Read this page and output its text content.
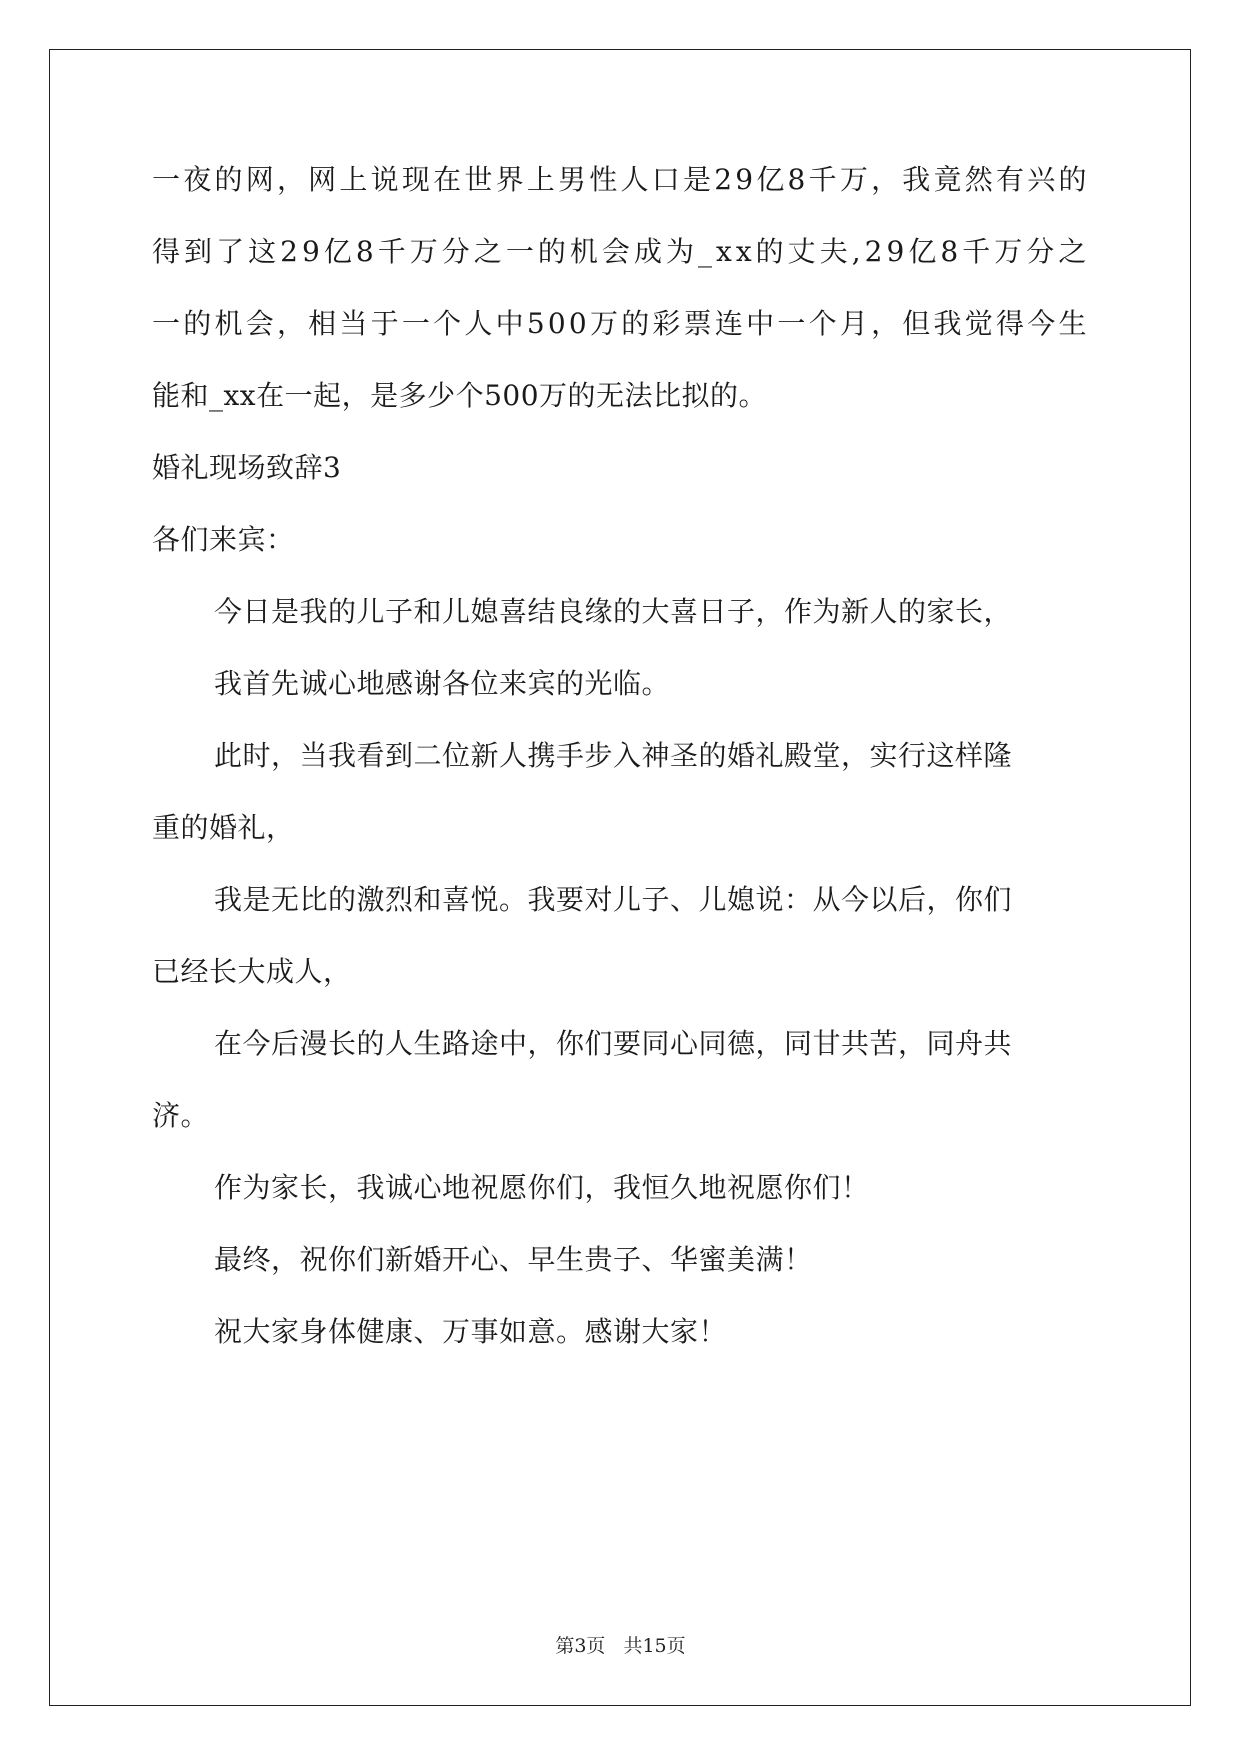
一 夜 的 网 ， 网 上 说 现 在 世 界 上 男 性 人 口 是 2 9 亿 8 千 万 ， 我 竟 然 有 兴 的
得 到 了 这 2 9 亿 8 千 万 分 之 一 的 机 会 成 为 _ x x 的 丈 夫 , 2 9 亿 8 千 万 分 之
一 的 机 会 ， 相 当 于 一 个 人 中 5 0 0 万 的 彩 票 连 中 一 个 月 ， 但 我 觉 得 今 生
能和_xx在一起，是多少个500万的无法比拟的。
婚礼现场致辞3
各们来宾：
今日是我的儿子和儿媳喜结良缘的大喜日子，作为新人的家长，
我首先诚心地感谢各位来宾的光临。
此时，当我看到二位新人携手步入神圣的婚礼殿堂，实行这样隆
重的婚礼，
我是无比的激烈和喜悦。我要对儿子、儿媳说：从今以后，你们
已经长大成人，
在今后漫长的人生路途中，你们要同心同德，同甘共苦，同舟共
济。
作为家长，我诚心地祝愿你们，我恒久地祝愿你们！
最终，祝你们新婚开心、早生贵子、华蜜美满！
祝大家身体健康、万事如意。感谢大家！
第3页 共15页
